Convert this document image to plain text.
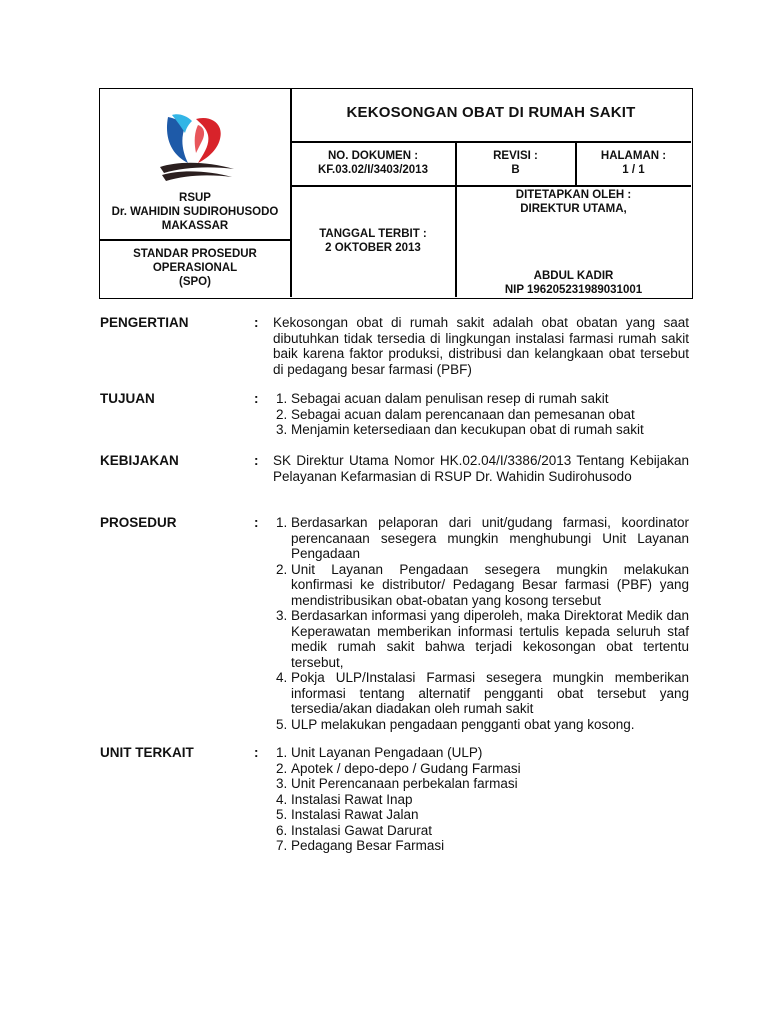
RSUP
Dr. WAHIDIN SUDIROHUSODO
MAKASSAR
STANDAR PROSEDUR
OPERASIONAL
(SPO)
KEKOSONGAN OBAT DI RUMAH SAKIT
NO. DOKUMEN :
KF.03.02/I/3403/2013
REVISI :
B
HALAMAN :
1 / 1
TANGGAL TERBIT :
2 OKTOBER 2013
DITETAPKAN OLEH :
DIREKTUR UTAMA,
ABDUL KADIR
NIP 196205231989031001
PENGERTIAN	: Kekosongan obat di rumah sakit adalah obat obatan yang saat dibutuhkan tidak tersedia di lingkungan instalasi farmasi rumah sakit baik karena faktor produksi, distribusi dan kelangkaan obat tersebut di pedagang besar farmasi (PBF)
TUJUAN	: 1. Sebagai acuan dalam penulisan resep di rumah sakit
2. Sebagai acuan dalam perencanaan dan pemesanan obat
3. Menjamin ketersediaan dan kecukupan obat di rumah sakit
KEBIJAKAN	: SK Direktur Utama Nomor HK.02.04/I/3386/2013 Tentang Kebijakan Pelayanan Kefarmasian di RSUP Dr. Wahidin Sudirohusodo
PROSEDUR	: 1. Berdasarkan pelaporan dari unit/gudang farmasi, koordinator perencanaan sesegera mungkin menghubungi Unit Layanan Pengadaan
2. Unit Layanan Pengadaan sesegera mungkin melakukan konfirmasi ke distributor/ Pedagang Besar farmasi (PBF) yang mendistribusikan obat-obatan yang kosong tersebut
3. Berdasarkan informasi yang diperoleh, maka Direktorat Medik dan Keperawatan memberikan informasi tertulis kepada seluruh staf medik rumah sakit bahwa terjadi kekosongan obat tertentu tersebut,
4. Pokja ULP/Instalasi Farmasi sesegera mungkin memberikan informasi tentang alternatif pengganti obat tersebut yang tersedia/akan diadakan oleh rumah sakit
5. ULP melakukan pengadaan pengganti obat yang kosong.
UNIT TERKAIT	: 1. Unit Layanan Pengadaan (ULP)
2. Apotek / depo-depo / Gudang Farmasi
3. Unit Perencanaan perbekalan farmasi
4. Instalasi Rawat Inap
5. Instalasi Rawat Jalan
6. Instalasi Gawat Darurat
7. Pedagang Besar Farmasi
